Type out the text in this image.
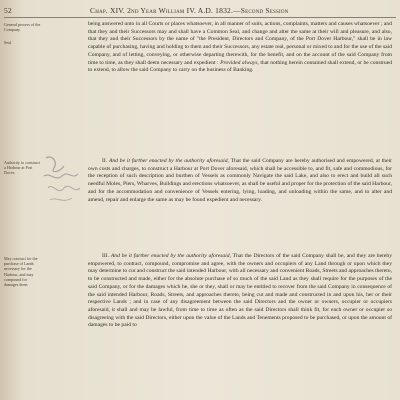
52	Chap. XIV. 2nd Year William IV. A.D. 1832.—Second Session
General powers of the Company.
Seal.
Authority to construct a Harbour at Port Dover.
May contract for the purchase of Lands necessary for the Harbour, and may compound for damages done.

being answered unto in all Courts or places whatsoever, in all manner of suits, actions, complaints, matters and causes whatsoever ; and that they and their Successors may and shall have a Common Seal, and change and alter the same at their will and pleasure, and also, that they and their Successors by the name of "the President, Directors and Company, of the Port Dover Harbour," shall be in law capable of purchasing, having and holding to them and their Successors, any estate real, personal or mixed to and for the use of the said Company, and of letting, conveying, or otherwise departing therewith, for the benefit, and on the account of the said Company from time to time, as they shall deem necessary and expedient : Provided always, that nothing herein contained shall extend, or be construed to extend, to allow the said Company to carry on the business of Banking.

II. And be it further enacted by the authority aforesaid, That the said Company are hereby authorised and empowered, at their own costs and charges, to construct a Harbour at Port Dover aforesaid, which shall be accessible to, and fit, safe and commodious, for the reception of such description and burthen of Vessels as commonly Navigate the said Lake, and also to erect and build all such needful Moles, Piers, Wharves, Buildings and erections whatsoever, as shall be useful and proper for the protection of the said Harbour, and for the accommodation and convenience of Vessels entering, lying, loading, and unloading within the same, and to alter and amend, repair and enlarge the same as may be found expedient and necessary.

III. And be it further enacted by the authority aforesaid, That the Directors of the said Company shall be, and they are hereby empowered, to contract, compound, compromise and agree, with the owners and occupiers of any Land through or upon which they may determine to cut and construct the said intended Harbour, with all necessary and convenient Roads, Streets and approaches thereto, to be constructed and made, either for the absolute purchase of so much of the said Land as they shall require for the purposes of the said Company, or for the damages which he, she or they, shall or may be entitled to recover from the said Company in consequence of the said intended Harbour, Roads, Streets, and approaches thereto, being cut and made and constructed in and upon his, her or their respective Lands ; and in case of any disagreement between the said Directors and the owner or owners, occupier or occupiers aforesaid, it shall and may be lawful, from time to time as often as the said Directors shall think fit, for each owner or occupier so disagreeing with the said Directors, either upon the value of the Lands and Tenements proposed to be purchased, or upon the amount of damages to be paid to
